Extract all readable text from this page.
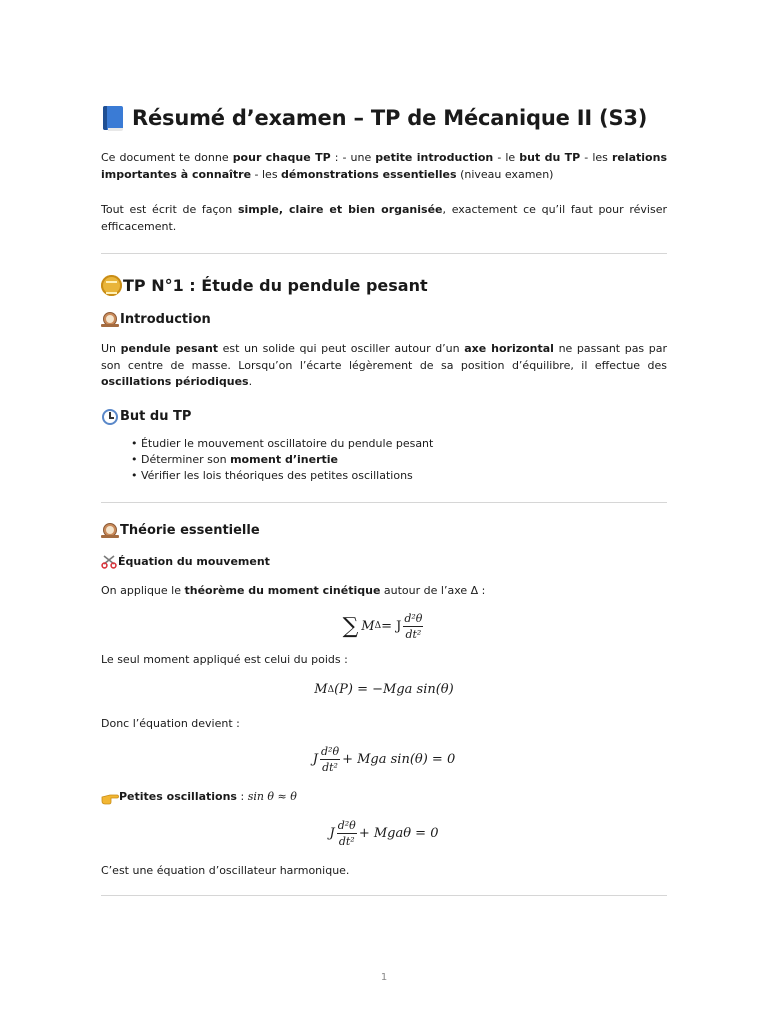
Résumé d’examen – TP de Mécanique II (S3)

Ce document te donne pour chaque TP : - une petite introduction - le but du TP - les relations importantes à connaître - les démonstrations essentielles (niveau examen)

Tout est écrit de façon simple, claire et bien organisée, exactement ce qu’il faut pour réviser efficacement.

TP N°1 : Étude du pendule pesant
Introduction

Un pendule pesant est un solide qui peut osciller autour d’un axe horizontal ne passant pas par son centre de masse. Lorsqu’on l’écarte légèrement de sa position d’équilibre, il effectue des oscillations périodiques.

But du TP
• Étudier le mouvement oscillatoire du pendule pesant
• Déterminer son moment d’inertie
• Vérifier les lois théoriques des petites oscillations
Théorie essentielle
Équation du mouvement

On applique le théorème du moment cinétique autour de l’axe Δ :

∑ M Δ = J $\frac{\text{d²θ}}{\text{dt²}}$

Le seul moment appliqué est celui du poids :

M Δ (P) = −Mga sin(θ)

Donc l’équation devient :

J $\frac{\text{d²θ}}{\text{dt²}}$ + Mga sin(θ) = 0
Petites oscillations : sin θ ≈ θ
J $\frac{\text{d²θ}}{\text{dt²}} + Mga\theta = 0$

C’est une équation d’oscillateur harmonique.

1
